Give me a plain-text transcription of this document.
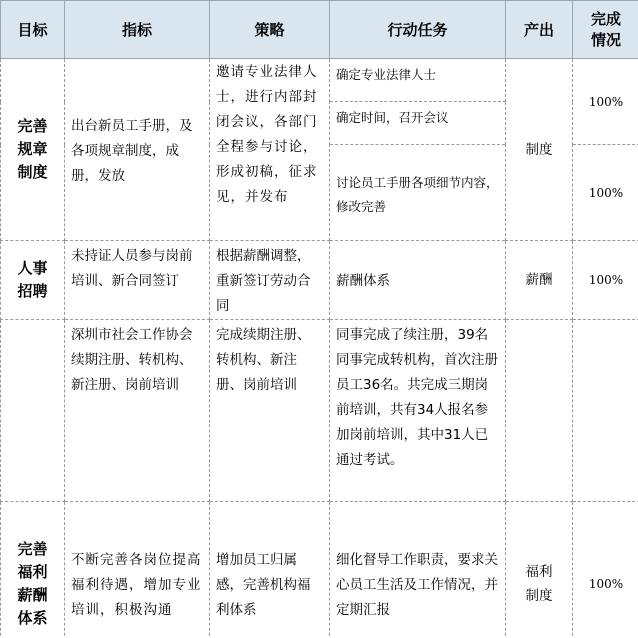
目标	指标	策略	行动任务	产出	完成情况

完善规章制度	出台新员工手册，及各项规章制度，成册，发放	邀请专业法律人士，进行内部封闭会议，各部门全程参与讨论，形成初稿，征求见，并发布	确定专业法律人士	制度	100%
			确定时间，召开会议		
			讨论员工手册各项细节内容，修改完善		100%

人事招聘	未持证人员参与岗前培训、新合同签订	根据薪酬调整，重新签订劳动合同	薪酬体系	薪酬	100%
	深圳市社会工作协会续期注册、转机构、新注册、岗前培训	完成续期注册、转机构、新注册、岗前培训	同事完成了续注册，39名同事完成转机构，首次注册员工36名。共完成三期岗前培训，共有34人报名参加岗前培训，其中31人已通过考试。		

完善福利薪酬体系	不断完善各岗位提高福利待遇，增加专业培训，积极沟通	增加员工归属感，完善机构福利体系	细化督导工作职责，要求关心员工生活及工作情况，并定期汇报	福利制度	100%
